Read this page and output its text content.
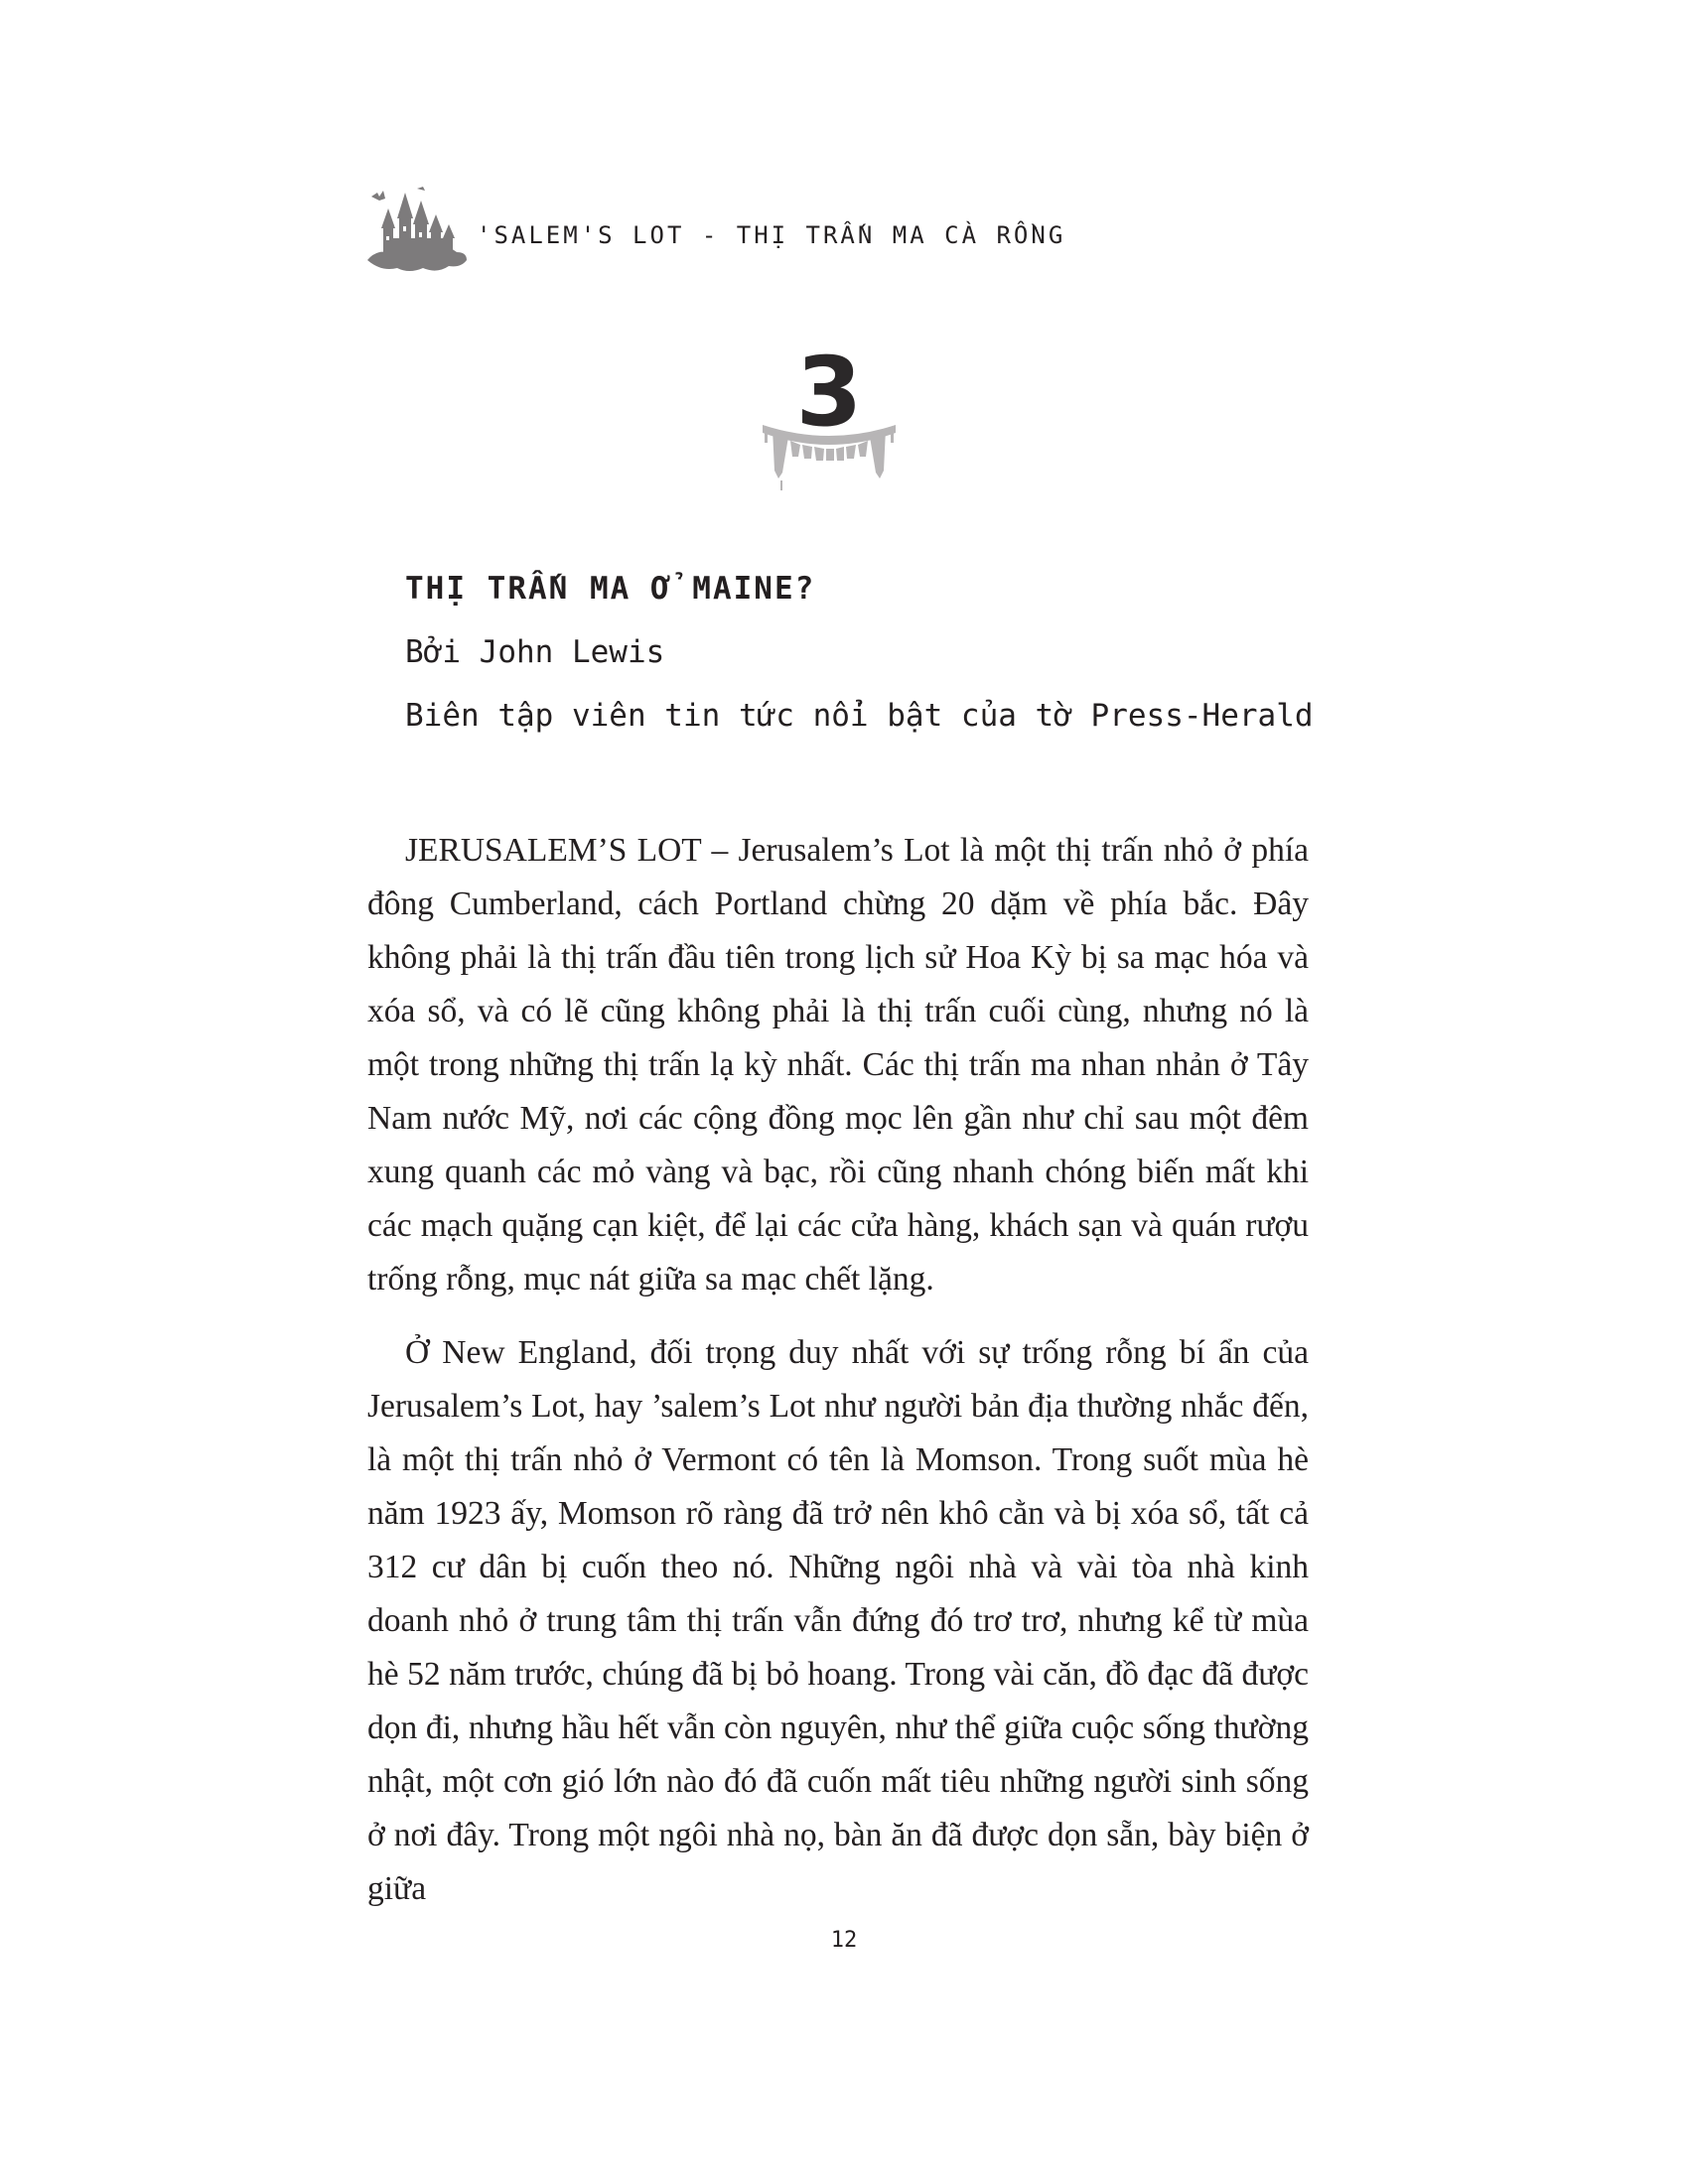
'SALEM'S LOT - THỊ TRẤN MA CÀ RỒNG
3
THỊ TRẤN MA Ở MAINE?
Bởi John Lewis
Biên tập viên tin tức nổi bật của tờ Press-Herald

JERUSALEM’S LOT – Jerusalem’s Lot là một thị trấn nhỏ ở phía đông Cumberland, cách Portland chừng 20 dặm về phía bắc. Đây không phải là thị trấn đầu tiên trong lịch sử Hoa Kỳ bị sa mạc hóa và xóa sổ, và có lẽ cũng không phải là thị trấn cuối cùng, nhưng nó là một trong những thị trấn lạ kỳ nhất. Các thị trấn ma nhan nhản ở Tây Nam nước Mỹ, nơi các cộng đồng mọc lên gần như chỉ sau một đêm xung quanh các mỏ vàng và bạc, rồi cũng nhanh chóng biến mất khi các mạch quặng cạn kiệt, để lại các cửa hàng, khách sạn và quán rượu trống rỗng, mục nát giữa sa mạc chết lặng.

Ở New England, đối trọng duy nhất với sự trống rỗng bí ẩn của Jerusalem’s Lot, hay ’salem’s Lot như người bản địa thường nhắc đến, là một thị trấn nhỏ ở Vermont có tên là Momson. Trong suốt mùa hè năm 1923 ấy, Momson rõ ràng đã trở nên khô cằn và bị xóa sổ, tất cả 312 cư dân bị cuốn theo nó. Những ngôi nhà và vài tòa nhà kinh doanh nhỏ ở trung tâm thị trấn vẫn đứng đó trơ trơ, nhưng kể từ mùa hè 52 năm trước, chúng đã bị bỏ hoang. Trong vài căn, đồ đạc đã được dọn đi, nhưng hầu hết vẫn còn nguyên, như thể giữa cuộc sống thường nhật, một cơn gió lớn nào đó đã cuốn mất tiêu những người sinh sống ở nơi đây. Trong một ngôi nhà nọ, bàn ăn đã được dọn sẵn, bày biện ở giữa

12
